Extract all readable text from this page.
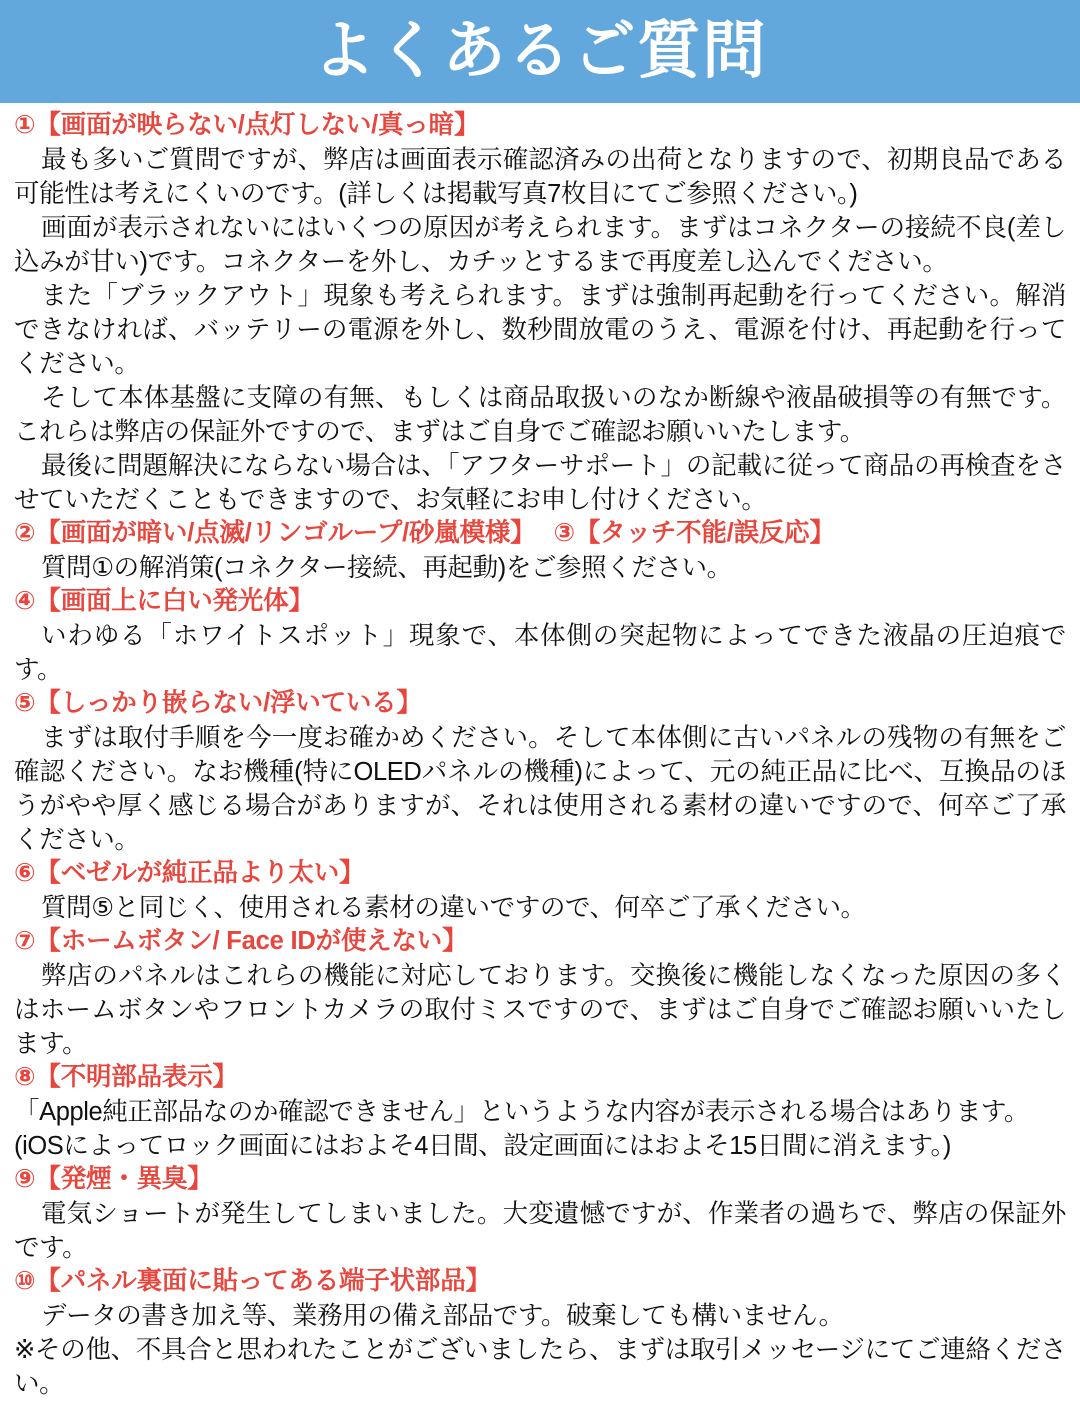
よくあるご質問

①【画面が映らない/点灯しない/真っ暗】

最も多いご質問ですが、弊店は画面表示確認済みの出荷となりますので、初期良品である可能性は考えにくいのです。(詳しくは掲載写真7枚目にてご参照ください。)

画面が表示されないにはいくつの原因が考えられます。まずはコネクターの接続不良(差し込みが甘い)です。コネクターを外し、カチッとするまで再度差し込んでください。

また「ブラックアウト」現象も考えられます。まずは強制再起動を行ってください。解消できなければ、バッテリーの電源を外し、数秒間放電のうえ、電源を付け、再起動を行ってください。

そして本体基盤に支障の有無、もしくは商品取扱いのなか断線や液晶破損等の有無です。これらは弊店の保証外ですので、まずはご自身でご確認お願いいたします。

最後に問題解決にならない場合は、「アフターサポート」の記載に従って商品の再検査をさせていただくこともできますので、お気軽にお申し付けください。

②【画面が暗い/点滅/リンゴループ/砂嵐模様】 ③【タッチ不能/誤反応】

質問①の解消策(コネクター接続、再起動)をご参照ください。

④【画面上に白い発光体】

いわゆる「ホワイトスポット」現象で、本体側の突起物によってできた液晶の圧迫痕です。

⑤【しっかり嵌らない/浮いている】

まずは取付手順を今一度お確かめください。そして本体側に古いパネルの残物の有無をご確認ください。なお機種(特にOLEDパネルの機種)によって、元の純正品に比べ、互換品のほうがやや厚く感じる場合がありますが、それは使用される素材の違いですので、何卒ご了承ください。

⑥【ベゼルが純正品より太い】

質問⑤と同じく、使用される素材の違いですので、何卒ご了承ください。

⑦【ホームボタン/ Face IDが使えない】

弊店のパネルはこれらの機能に対応しております。交換後に機能しなくなった原因の多くはホームボタンやフロントカメラの取付ミスですので、まずはご自身でご確認お願いいたします。

⑧【不明部品表示】

「Apple純正部品なのか確認できません」というような内容が表示される場合はあります。

(iOSによってロック画面にはおよそ4日間、設定画面にはおよそ15日間に消えます。)

⑨【発煙・異臭】

電気ショートが発生してしまいました。大変遺憾ですが、作業者の過ちで、弊店の保証外です。

⑩【パネル裏面に貼ってある端子状部品】

データの書き加え等、業務用の備え部品です。破棄しても構いません。

※その他、不具合と思われたことがございましたら、まずは取引メッセージにてご連絡ください。
